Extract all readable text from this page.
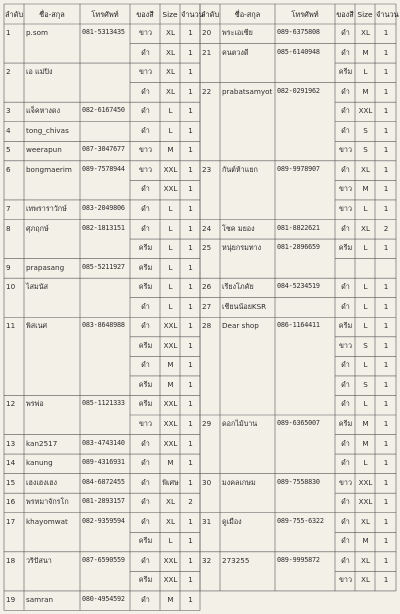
ลำดับ	ชื่อ-สกุล	โทรศัพท์	ของสี	Size จำนวน
ลำดับ	ชื่อ-สกุล	โทรศัพท์	ของสี Size จำนวน
1	p.som	081-5313435	ขาว	XL	1
ดำ	XL	1
2	เอ แม่ปิง	ขาว	XL	1
ดำ	XL	1
3	แจ็คหางดง	082-6167450	ดำ	L	1
4	tong_chivas	ดำ	L	1
5	weerapun	087-3047677	ขาว	M	1
6	bongmaerim	089-7578944	ขาว	XXL	1
ดำ	XXL	1
7	เทพราราวักษ์	083-2049806	ดำ	L	1
8	ศุภฤกษ์	082-1813151	ดำ	L	1
ครีม	L	1
9	prapasang	085-5211927	ครีม	L	1
10	ไสมนัส	ครีม	L	1
ดำ	L	1
11	พิสเนศ	083-8648988	ดำ	XXL	1
ครีม	XXL	1
ดำ	M	1
ครีม	M	1
12	พรพ่อ	085-1121333	ครีม	XXL	1
ขาว	XXL	1
13	kan2517	083-4743140	ดำ	XXL	1
14	kanung	089-4316931	ดำ	M	1
15	เฮงเฮงเฮง	084-6872455	ดำ	พิเศษ	1
16	พรหมาจักรโก	081-2893157	ดำ	XL	2
17	khayomwat	082-9359594	ดำ	XL	1
ครีม	L	1
18	วริปัสนา	087-6590559	ดำ	XXL	1
ครีม	XXL	1
19	samran	080-4954592	ดำ	M	1
20	พระเอเซีย	089-6375808	ดำ	XL	1
21	คนตวงดี	085-6140948	ดำ	M	1
ครีม	L	1
22	prabatsamyot 082-0291962	ดำ	M	1
ดำ	XXL	1
ดำ	S	1
ขาว	S	1
23	กันต์ห้าแยก	089-9978907	ดำ	XL	1
ขาว	M	1
ขาว	L	1
24	โชค มยอง	081-8822621	ดำ	XL	2
25	หนุ่ยกรมทาง	081-2896659	ครีม	L	1
26	เรียงโภคัย	084-5234519	ดำ	L	1
27	เชียนน้อยKSR	ดำ	L	1
28	Dear shop	086-1164411	ครีม	L	1
ขาว	S	1
ดำ	L	1
ดำ	S	1
ดำ	L	1
29	ดอกไม้บาน	089-6365007	ครีม	M	1
ดำ	M	1
ดำ	L	1
30	มงคลเกษม	089-7558830	ขาว XXL	1
ดำ	XXL	1
31	ดูเมือง	089-755-6322	ดำ	XL	1
ดำ	M	1
32	273255	089-9995872	ดำ	XL	1
ขาว	XL	1
